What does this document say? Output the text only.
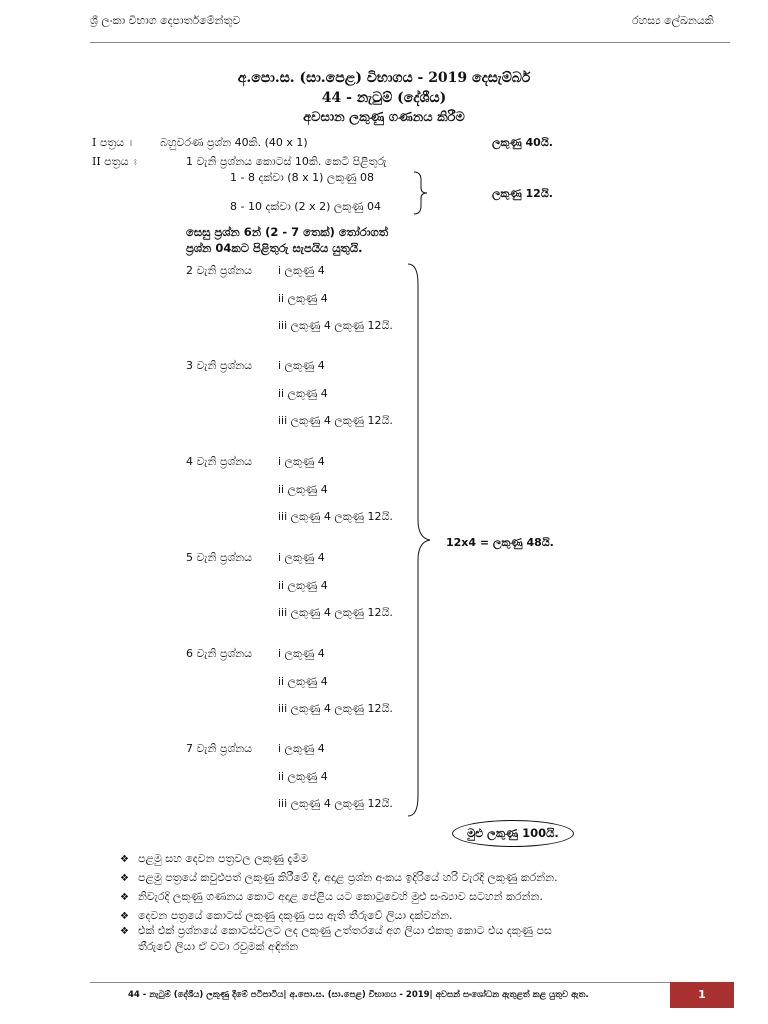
ශ්‍රී ලංකා විභාග දෙපාර්තමේන්තුව	රහස්‍ය ලේඛනයකි
අ.පො.ස. (සා.පෙළ) විභාගය - 2019 දෙසැම්බර්
44 - නැටුම් (දේශීය)
අවසාන ලකුණු ගණනය කිරීම
I පත්‍රය ඃ	බහුවරණ ප්‍රශ්න 40කි. (40 x 1)	ලකුණු 40යි.
II පත්‍රය ඃ	1 වැනි ප්‍රශ්නය කොටස් 10කි. කෙටි පිළිතුරු
1 - 8 දක්වා (8 x 1) ලකුණු 08
8 - 10 දක්වා (2 x 2) ලකුණු 04
ලකුණු 12යි.
සෙසු ප්‍රශ්න 6න් (2 - 7 තෙක්) තෝරාගත්
ප්‍රශ්න 04කට පිළිතුරු සැපයිය යුතුයි.
2 වැනි ප්‍රශ්නය i ලකුණු 4
ii ලකුණු 4
iii ලකුණු 4 ලකුණු 12යි.
3 වැනි ප්‍රශ්නය i ලකුණු 4
ii ලකුණු 4
iii ලකුණු 4 ලකුණු 12යි.
4 වැනි ප්‍රශ්නය i ලකුණු 4
ii ලකුණු 4
iii ලකුණු 4 ලකුණු 12යි.
5 වැනි ප්‍රශ්නය i ලකුණු 4
ii ලකුණු 4
iii ලකුණු 4 ලකුණු 12යි.
6 වැනි ප්‍රශ්නය i ලකුණු 4
ii ලකුණු 4
iii ලකුණු 4 ලකුණු 12යි.
7 වැනි ප්‍රශ්නය i ලකුණු 4
ii ලකුණු 4
iii ලකුණු 4 ලකුණු 12යි.
12x4 = ලකුණු 48යි.
මුළු ලකුණු 100යි.
❖ පළමු සහ දෙවන පත්‍රවල ලකුණු දැමීම
❖ පළමු පත්‍රයේ කවුළුපත් ලකුණු කිරීමේ දී, අදාළ ප්‍රශ්න අංකය ඉදිරියේ හරි වැරදි ලකුණු කරන්න.
❖ නිවැරදි ලකුණු ගණනය කොට අදාළ පේළිය යට කොටුවෙහි මුළු සංඛ්‍යාව සටහන් කරන්න.
❖ දෙවන පත්‍රයේ කොටස් ලකුණු දකුණු පස ඇති තීරුවේ ලියා දක්වන්න.
❖ එක් එක් ප්‍රශ්නයේ කොටස්වලට ලද ලකුණු උත්තරයේ අග ලියා එකතු කොට එය දකුණු පස
තීරුවේ ලියා ඒ වටා රවුමක් අඳින්න
44 - නැටුම් (දේශීය) ලකුණු දීමේ පටිපාටිය| අ.පො.ස. (සා.පෙළ) විභාගය - 2019| අවසන් සංශෝධන ඇතුළත් කළ යුතුව ඇත.	1
